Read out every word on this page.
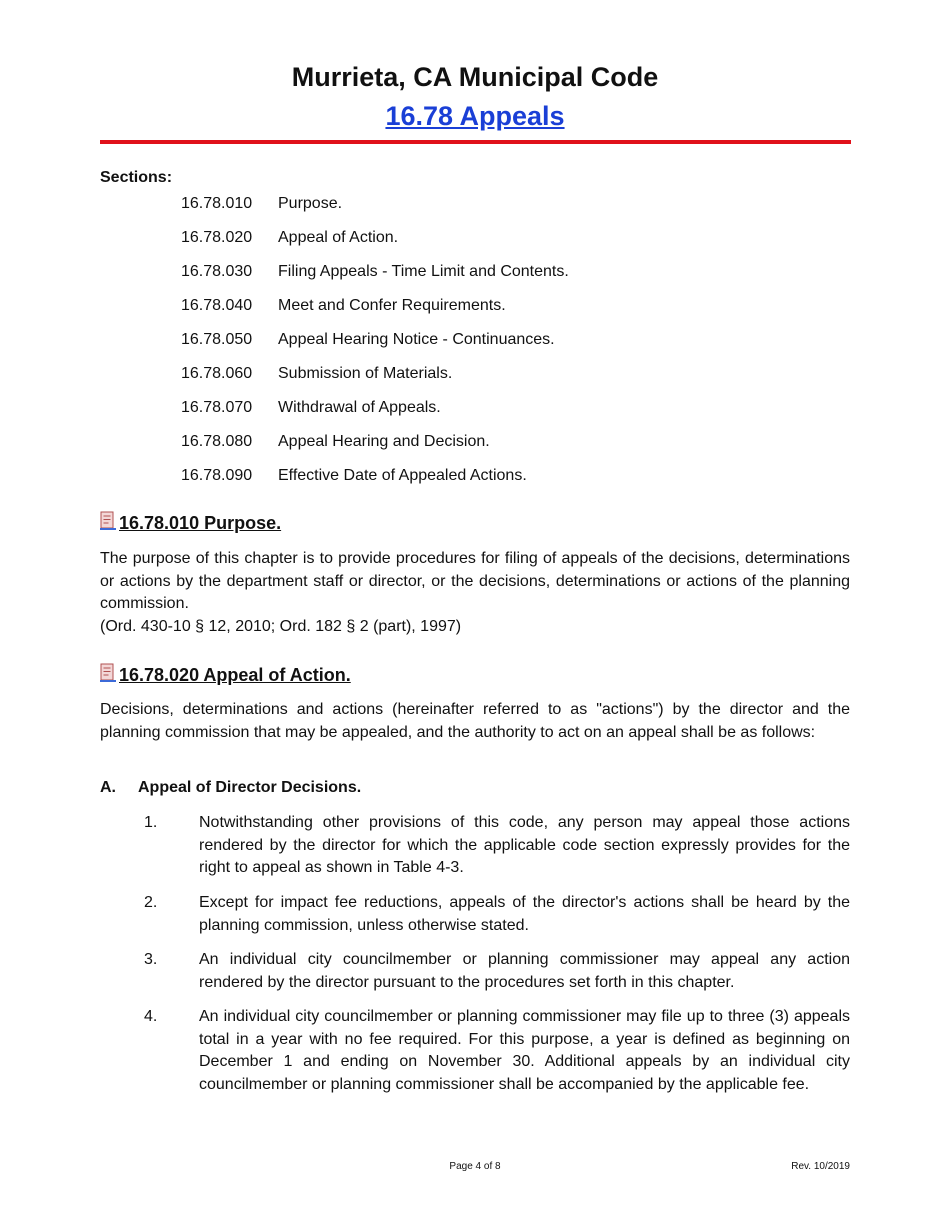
Murrieta, CA Municipal Code
16.78 Appeals
Sections:
16.78.010	Purpose.
16.78.020	Appeal of Action.
16.78.030	Filing Appeals - Time Limit and Contents.
16.78.040	Meet and Confer Requirements.
16.78.050	Appeal Hearing Notice - Continuances.
16.78.060	Submission of Materials.
16.78.070	Withdrawal of Appeals.
16.78.080	Appeal Hearing and Decision.
16.78.090	Effective Date of Appealed Actions.
16.78.010 Purpose.
The purpose of this chapter is to provide procedures for filing of appeals of the decisions, determinations or actions by the department staff or director, or the decisions, determinations or actions of the planning commission.
(Ord. 430-10 § 12, 2010; Ord. 182 § 2 (part), 1997)
16.78.020 Appeal of Action.
Decisions, determinations and actions (hereinafter referred to as "actions") by the director and the planning commission that may be appealed, and the authority to act on an appeal shall be as follows:
A.	Appeal of Director Decisions.
1.	Notwithstanding other provisions of this code, any person may appeal those actions rendered by the director for which the applicable code section expressly provides for the right to appeal as shown in Table 4-3.
2.	Except for impact fee reductions, appeals of the director's actions shall be heard by the planning commission, unless otherwise stated.
3.	An individual city councilmember or planning commissioner may appeal any action rendered by the director pursuant to the procedures set forth in this chapter.
4.	An individual city councilmember or planning commissioner may file up to three (3) appeals total in a year with no fee required. For this purpose, a year is defined as beginning on December 1 and ending on November 30. Additional appeals by an individual city councilmember or planning commissioner shall be accompanied by the applicable fee.
Page 4 of 8	Rev. 10/2019
